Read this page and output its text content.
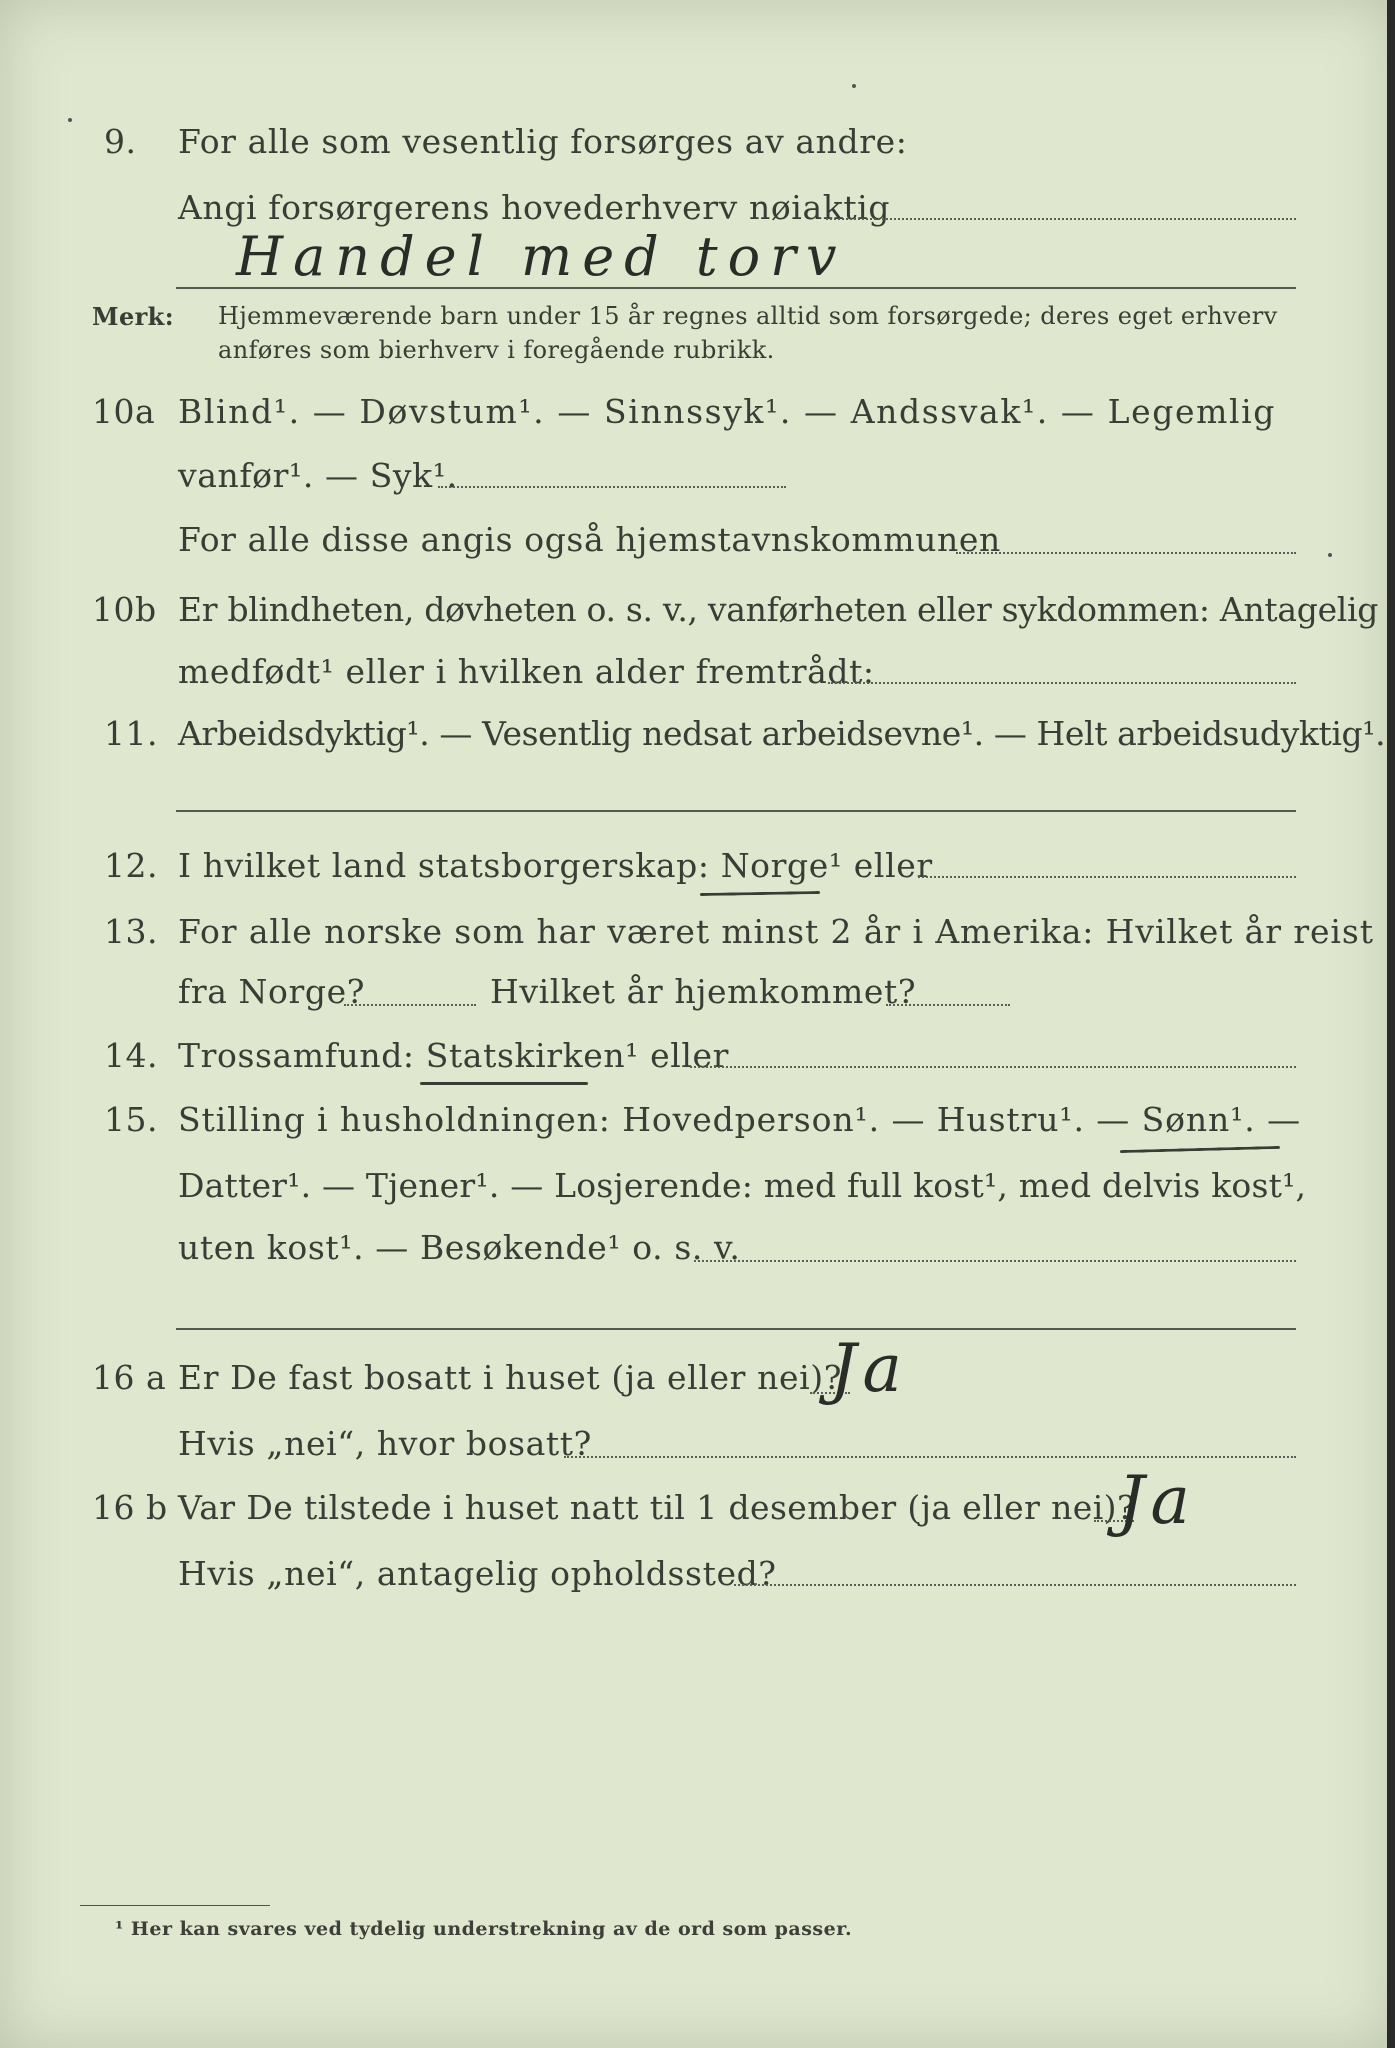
9. For alle som vesentlig forsørges av andre:
Angi forsørgerens hovederhverv nøiaktig
Handel med torv
Merk: Hjemmeværende barn under 15 år regnes alltid som forsørgede; deres eget erhverv
anføres som bierhverv i foregående rubrikk.
10a Blind¹. — Døvstum¹. — Sinnssyk¹. — Andssvak¹. — Legemlig
vanfør¹. — Syk¹.
For alle disse angis også hjemstavnskommunen
10b Er blindheten, døvheten o. s. v., vanførheten eller sykdommen: Antagelig
medfødt¹ eller i hvilken alder fremtrådt:
11. Arbeidsdyktig¹. — Vesentlig nedsat arbeidsevne¹. — Helt arbeidsudyktig¹.
12. I hvilket land statsborgerskap: Norge¹ eller
13. For alle norske som har været minst 2 år i Amerika: Hvilket år reist
fra Norge?	Hvilket år hjemkommet?
14. Trossamfund: Statskirken¹ eller
15. Stilling i husholdningen: Hovedperson¹. — Hustru¹. — Sønn¹. —
Datter¹. — Tjener¹. — Losjerende: med full kost¹, med delvis kost¹,
uten kost¹. — Besøkende¹ o. s. v.
16 a Er De fast bosatt i huset (ja eller nei)?
Ja
Hvis „nei“, hvor bosatt?
16 b Var De tilstede i huset natt til 1 desember (ja eller nei)?
Ja
Hvis „nei“, antagelig opholdssted?
¹ Her kan svares ved tydelig understrekning av de ord som passer.
